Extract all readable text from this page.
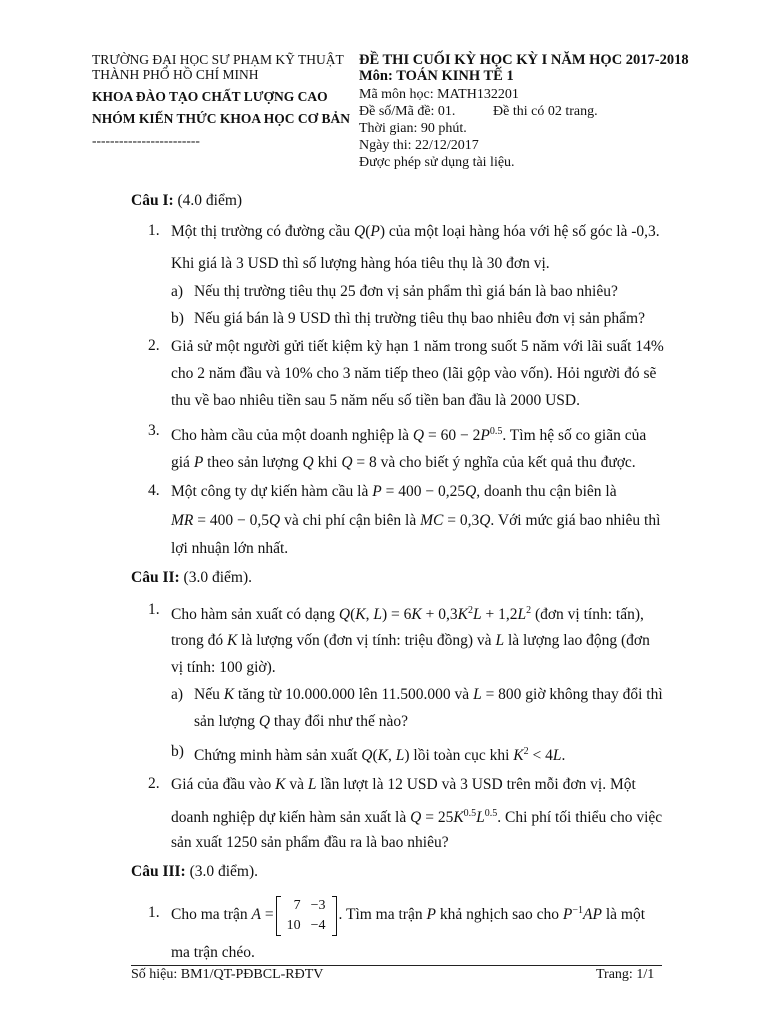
TRƯỜNG ĐẠI HỌC SƯ PHẠM KỸ THUẬT
THÀNH PHỐ HỒ CHÍ MINH
KHOA ĐÀO TẠO CHẤT LƯỢNG CAO
NHÓM KIẾN THỨC KHOA HỌC CƠ BẢN
------------------------
ĐỀ THI CUỐI KỲ HỌC KỲ I NĂM HỌC 2017-2018
Môn: TOÁN KINH TẾ 1
Mã môn học: MATH132201
Đề số/Mã đề: 01.	Đề thi có 02 trang.
Thời gian: 90 phút.
Ngày thi: 22/12/2017
Được phép sử dụng tài liệu.
Câu I: (4.0 điểm)
1. Một thị trường có đường cầu Q(P) của một loại hàng hóa với hệ số góc là -0,3.
Khi giá là 3 USD thì số lượng hàng hóa tiêu thụ là 30 đơn vị.
a) Nếu thị trường tiêu thụ 25 đơn vị sản phẩm thì giá bán là bao nhiêu?
b) Nếu giá bán là 9 USD thì thị trường tiêu thụ bao nhiêu đơn vị sản phẩm?
2. Giả sử một người gửi tiết kiệm kỳ hạn 1 năm trong suốt 5 năm với lãi suất 14%
cho 2 năm đầu và 10% cho 3 năm tiếp theo (lãi gộp vào vốn). Hỏi người đó sẽ
thu về bao nhiêu tiền sau 5 năm nếu số tiền ban đầu là 2000 USD.
3. Cho hàm cầu của một doanh nghiệp là $Q = 60 - 2P^{0.5}$. Tìm hệ số co giãn của
giá P theo sản lượng Q khi Q = 8 và cho biết ý nghĩa của kết quả thu được.
4. Một công ty dự kiến hàm cầu là P = 400 − 0,25Q, doanh thu cận biên là
MR = 400 − 0,5Q và chi phí cận biên là MC = 0,3Q. Với mức giá bao nhiêu thì
lợi nhuận lớn nhất.
Câu II: (3.0 điểm).
1. Cho hàm sản xuất có dạng Q(K, $L) = 6K + 0,3K^2L + 1,2L^2$ (đơn vị tính: tấn),
trong đó K là lượng vốn (đơn vị tính: triệu đồng) và L là lượng lao động (đơn
vị tính: 100 giờ).
a) Nếu K tăng từ 10.000.000 lên 11.500.000 và L = 800 giờ không thay đổi thì
sản lượng Q thay đổi như thế nào?
b) Chứng minh hàm sản xuất Q(K, L) lồi toàn cục khi $K^2 < 4L$.
2. Giá của đầu vào K và L lần lượt là 12 USD và 3 USD trên mỗi đơn vị. Một
doanh nghiệp dự kiến hàm sản xuất là $Q = 25K^{0.5}L^{0.5}$. Chi phí tối thiểu cho việc
sản xuất 1250 sản phẩm đầu ra là bao nhiêu?
Câu III: (3.0 điểm).
1. Cho ma trận A =
7	−3
10	−4
. Tìm ma trận P khả nghịch sao cho $P^{-1}AP$ là một
ma trận chéo.
Số hiệu: BM1/QT-PĐBCL-RĐTV	Trang: 1/1
